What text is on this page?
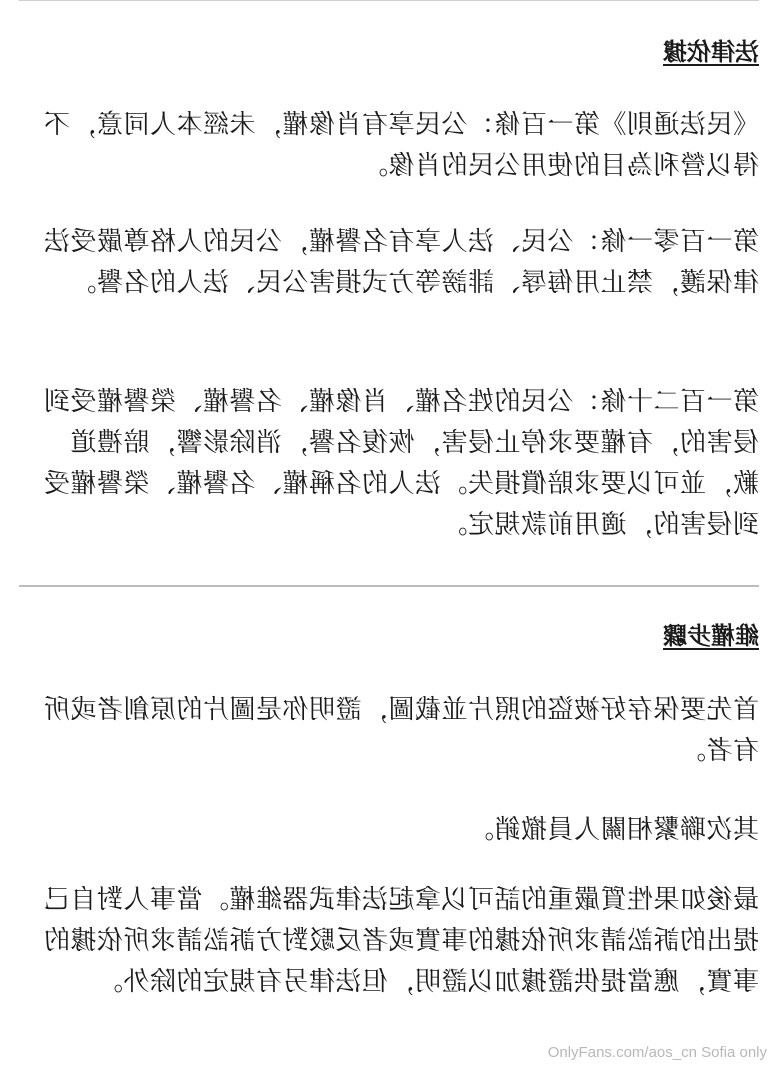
法律依據

《民法通則》第一百條：公民享有肖像權，未經本人同意，不得以營利為目的使用公民的肖像。

第一百零一條：公民、法人享有名譽權，公民的人格尊嚴受法律保護，禁止用侮辱、誹謗等方式損害公民、法人的名譽。

第一百二十條：公民的姓名權、肖像權、名譽權、榮譽權受到侵害的，有權要求停止侵害，恢復名譽，消除影響，賠禮道歉，並可以要求賠償損失。法人的名稱權、名譽權、榮譽權受到侵害的，適用前款規定。

維權步驟

首先要保存好被盜的照片並截圖，證明你是圖片的原創者或所有者。

其次聯繫相關人員撤銷。

最後如果性質嚴重的話可以拿起法律武器維權。當事人對自己提出的訴訟請求所依據的事實或者反駁對方訴訟請求所依據的事實，應當提供證據加以證明，但法律另有規定的除外。

OnlyFans.com/aos_cn Sofia only
